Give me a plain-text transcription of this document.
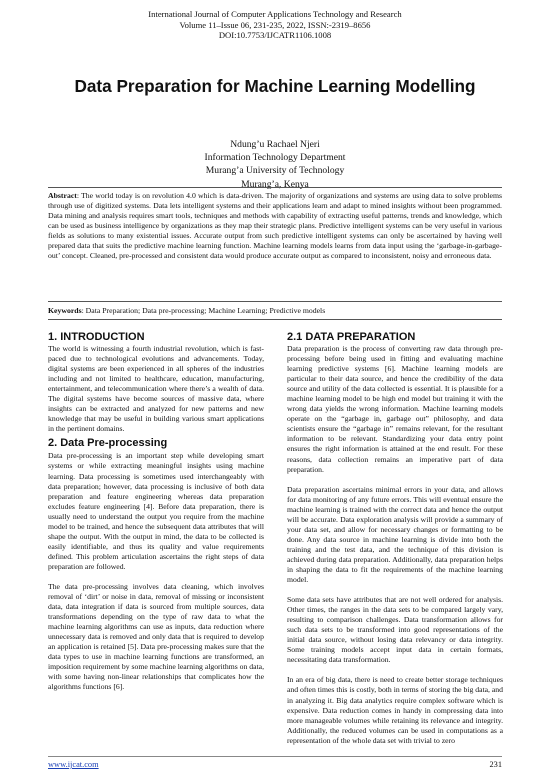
International Journal of Computer Applications Technology and Research
Volume 11–Issue 06, 231-235, 2022, ISSN:-2319–8656
DOI:10.7753/IJCATR1106.1008
Data Preparation for Machine Learning Modelling
Ndung’u Rachael Njeri
Information Technology Department
Murang’a University of Technology
Murang’a, Kenya
Abstract: The world today is on revolution 4.0 which is data-driven. The majority of organizations and systems are using data to solve problems through use of digitized systems. Data lets intelligent systems and their applications learn and adapt to mined insights without been programmed. Data mining and analysis requires smart tools, techniques and methods with capability of extracting useful patterns, trends and knowledge, which can be used as business intelligence by organizations as they map their strategic plans. Predictive intelligent systems can be very useful in various fields as solutions to many existential issues. Accurate output from such predictive intelligent systems can only be ascertained by having well prepared data that suits the predictive machine learning function. Machine learning models learns from data input using the ‘garbage-in-garbage-out’ concept. Cleaned, pre-processed and consistent data would produce accurate output as compared to inconsistent, noisy and erroneous data.
Keywords: Data Preparation; Data pre-processing; Machine Learning; Predictive models
1. INTRODUCTION

The world is witnessing a fourth industrial revolution, which is fast-paced due to technological evolutions and advancements. Today, digital systems are been experienced in all spheres of the industries including and not limited to healthcare, education, manufacturing, entertainment, and telecommunication where there’s a wealth of data. The digital systems have become sources of massive data, where insights can be extracted and analyzed for new patterns and new knowledge that may be useful in building various smart applications in the pertinent domains.

2. Data Pre-processing

Data pre-processing is an important step while developing smart systems or while extracting meaningful insights using machine learning. Data processing is sometimes used interchangeably with data preparation; however, data processing is inclusive of both data preparation and feature engineering whereas data preparation excludes feature engineering [4]. Before data preparation, there is usually need to understand the output you require from the machine model to be trained, and hence the subsequent data attributes that will shape the output. With the output in mind, the data to be collected is easily identifiable, and thus its quality and value requirements defined. This problem articulation ascertains the right steps of data preparation are followed.

The data pre-processing involves data cleaning, which involves removal of ‘dirt’ or noise in data, removal of missing or inconsistent data, data integration if data is sourced from multiple sources, data transformations depending on the type of raw data to what the machine learning algorithms can use as inputs, data reduction where unnecessary data is removed and only data that is required to develop an application is retained [5]. Data pre-processing makes sure that the data types to use in machine learning functions are transformed, an imposition requirement by some machine learning algorithms on data, with some having non-linear relationships that complicates how the algorithms functions [6].

2.1 DATA PREPARATION

Data preparation is the process of converting raw data through pre-processing before being used in fitting and evaluating machine learning predictive systems [6]. Machine learning models are particular to their data source, and hence the credibility of the data source and utility of the data collected is essential. It is plausible for a machine learning model to be high end model but training it with the wrong data yields the wrong information. Machine learning models operate on the “garbage in, garbage out” philosophy, and data scientists ensure the “garbage in” remains relevant, for the resultant information to be relevant. Standardizing your data entry point ensures the right information is attained at the end result. For these reasons, data collection remains an imperative part of data preparation.

Data preparation ascertains minimal errors in your data, and allows for data monitoring of any future errors. This will eventual ensure the machine learning is trained with the correct data and hence the output will be accurate. Data exploration analysis will provide a summary of your data set, and allow for necessary changes or formatting to be done. Any data source in machine learning is divide into both the training and the test data, and the technique of this division is achieved during data preparation. Additionally, data preparation helps in shaping the data to fit the requirements of the machine learning model.

Some data sets have attributes that are not well ordered for analysis. Other times, the ranges in the data sets to be compared largely vary, resulting to comparison challenges. Data transformation allows for such data sets to be transformed into good representations of the initial data source, without losing data relevancy or data integrity. Some training models accept input data in certain formats, necessitating data transformation.

In an era of big data, there is need to create better storage techniques and often times this is costly, both in terms of storing the big data, and in analyzing it. Big data analytics require complex software which is expensive. Data reduction comes in handy in compressing data into more manageable volumes while retaining its relevance and integrity. Additionally, the reduced volumes can be used in computations as a representation of the whole data set with trivial to zero

www.ijcat.com	231
